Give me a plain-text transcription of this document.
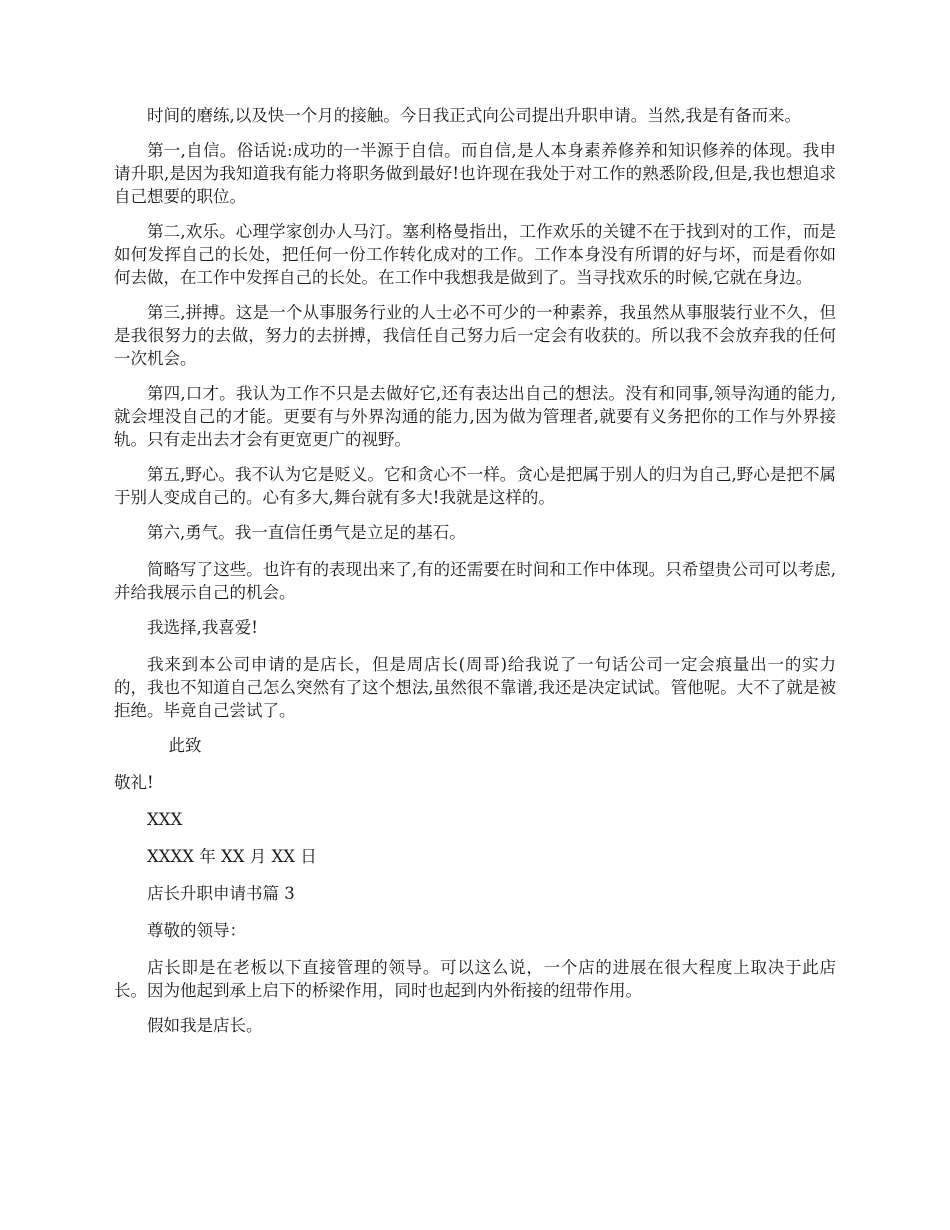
时间的磨练,以及快一个月的接触。今日我正式向公司提出升职申请。当然,我是有备而来。

第一,自信。俗话说:成功的一半源于自信。而自信,是人本身素养修养和知识修养的体现。我申请升职,是因为我知道我有能力将职务做到最好!也许现在我处于对工作的熟悉阶段,但是,我也想追求自己想要的职位。

第二,欢乐。心理学家创办人马汀。塞利格曼指出，工作欢乐的关键不在于找到对的工作，而是如何发挥自己的长处，把任何一份工作转化成对的工作。工作本身没有所谓的好与坏，而是看你如何去做，在工作中发挥自己的长处。在工作中我想我是做到了。当寻找欢乐的时候,它就在身边。

第三,拼搏。这是一个从事服务行业的人士必不可少的一种素养，我虽然从事服装行业不久，但是我很努力的去做，努力的去拼搏，我信任自己努力后一定会有收获的。所以我不会放弃我的任何一次机会。

第四,口才。我认为工作不只是去做好它,还有表达出自己的想法。没有和同事,领导沟通的能力,就会埋没自己的才能。更要有与外界沟通的能力,因为做为管理者,就要有义务把你的工作与外界接轨。只有走出去才会有更宽更广的视野。

第五,野心。我不认为它是贬义。它和贪心不一样。贪心是把属于别人的归为自己,野心是把不属于别人变成自己的。心有多大,舞台就有多大!我就是这样的。

第六,勇气。我一直信任勇气是立足的基石。

简略写了这些。也许有的表现出来了,有的还需要在时间和工作中体现。只希望贵公司可以考虑,并给我展示自己的机会。

我选择,我喜爱!

我来到本公司申请的是店长，但是周店长(周哥)给我说了一句话公司一定会痕量出一的实力的，我也不知道自己怎么突然有了这个想法,虽然很不靠谱,我还是决定试试。管他呢。大不了就是被拒绝。毕竟自己尝试了。

此致

敬礼!

XXX

XXXX 年 XX 月 XX 日

店长升职申请书篇 3

尊敬的领导：

店长即是在老板以下直接管理的领导。可以这么说，一个店的进展在很大程度上取决于此店长。因为他起到承上启下的桥梁作用，同时也起到内外衔接的纽带作用。

假如我是店长。
